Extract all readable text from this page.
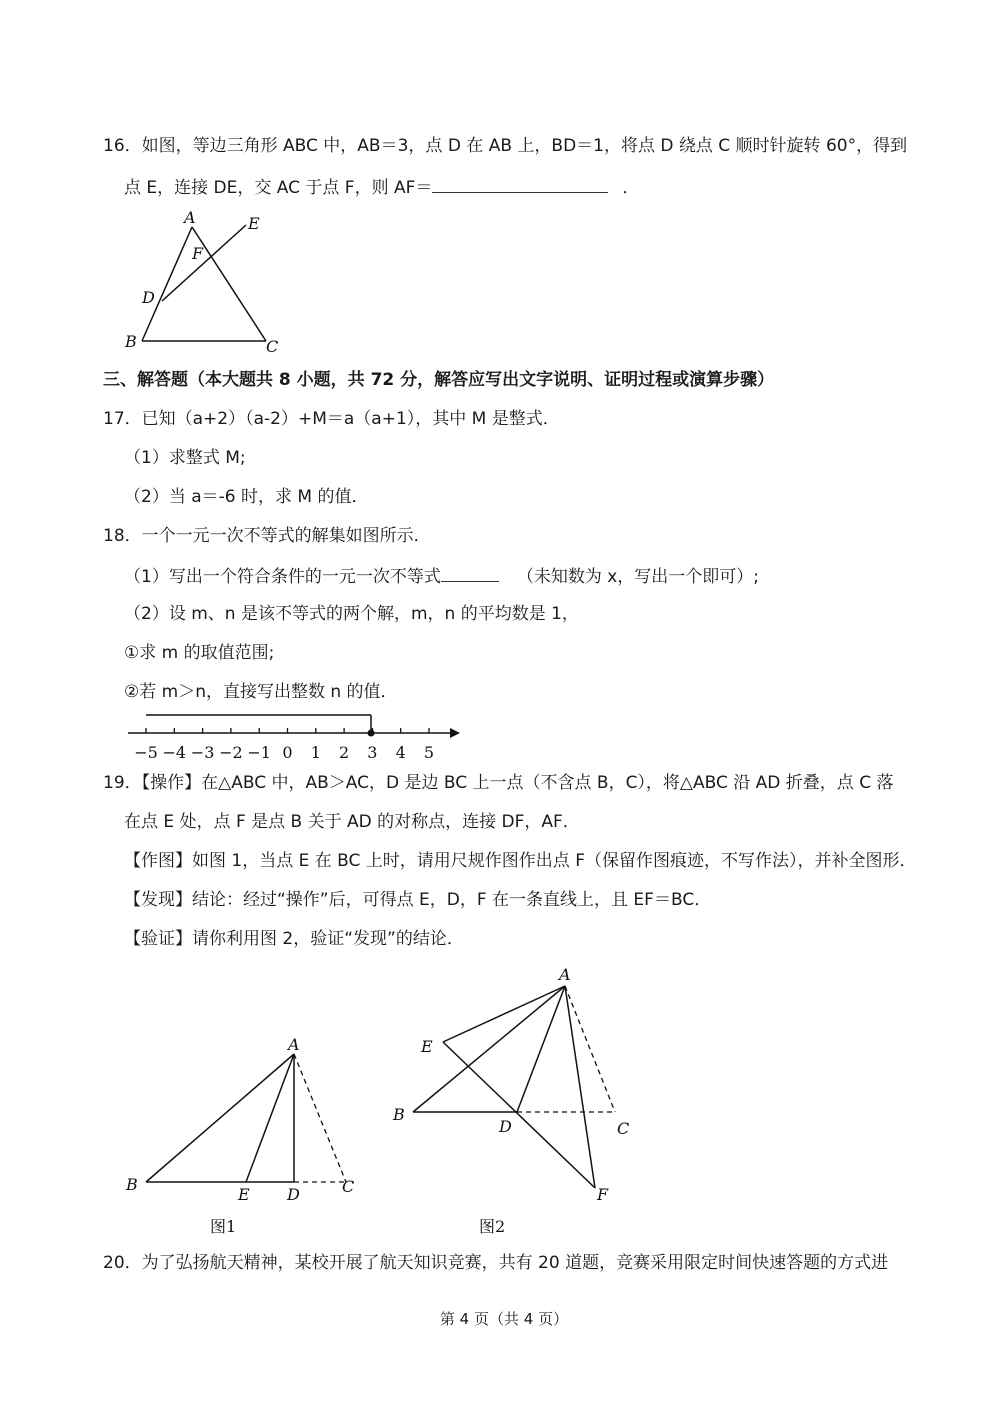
16．如图，等边三角形 ABC 中，AB＝3，点 D 在 AB 上，BD＝1，将点 D 绕点 C 顺时针旋转 60°，得到
点 E，连接 DE，交 AC 于点 F，则 AF＝	．
A	E
F
D
B	C
三、解答题（本大题共 8 小题，共 72 分，解答应写出文字说明、证明过程或演算步骤）
17．已知（a+2）（a-2）+M＝a（a+1），其中 M 是整式．
（1）求整式 M;
（2）当 a＝-6 时，求 M 的值．
18．一个一元一次不等式的解集如图所示．
（1）写出一个符合条件的一元一次不等式	（未知数为 x，写出一个即可）;
（2）设 m、n 是该不等式的两个解，m，n 的平均数是 1，
①求 m 的取值范围;
②若 m＞n，直接写出整数 n 的值．
−5 −4 −3 −2 −1 0 1 2 3 4 5
19．【操作】在△ABC 中，AB＞AC，D 是边 BC 上一点（不含点 B，C），将△ABC 沿 AD 折叠，点 C 落
在点 E 处，点 F 是点 B 关于 AD 的对称点，连接 DF，AF．
【作图】如图 1，当点 E 在 BC 上时，请用尺规作图作出点 F（保留作图痕迹，不写作法），并补全图形．
【发现】结论：经过“操作”后，可得点 E，D，F 在一条直线上，且 EF＝BC．
【验证】请你利用图 2，验证“发现”的结论．
A
B
E D	C
图1
A
E
B
D	C
F
图2
20．为了弘扬航天精神，某校开展了航天知识竞赛，共有 20 道题，竞赛采用限定时间快速答题的方式进
第 4 页（共 4 页）
